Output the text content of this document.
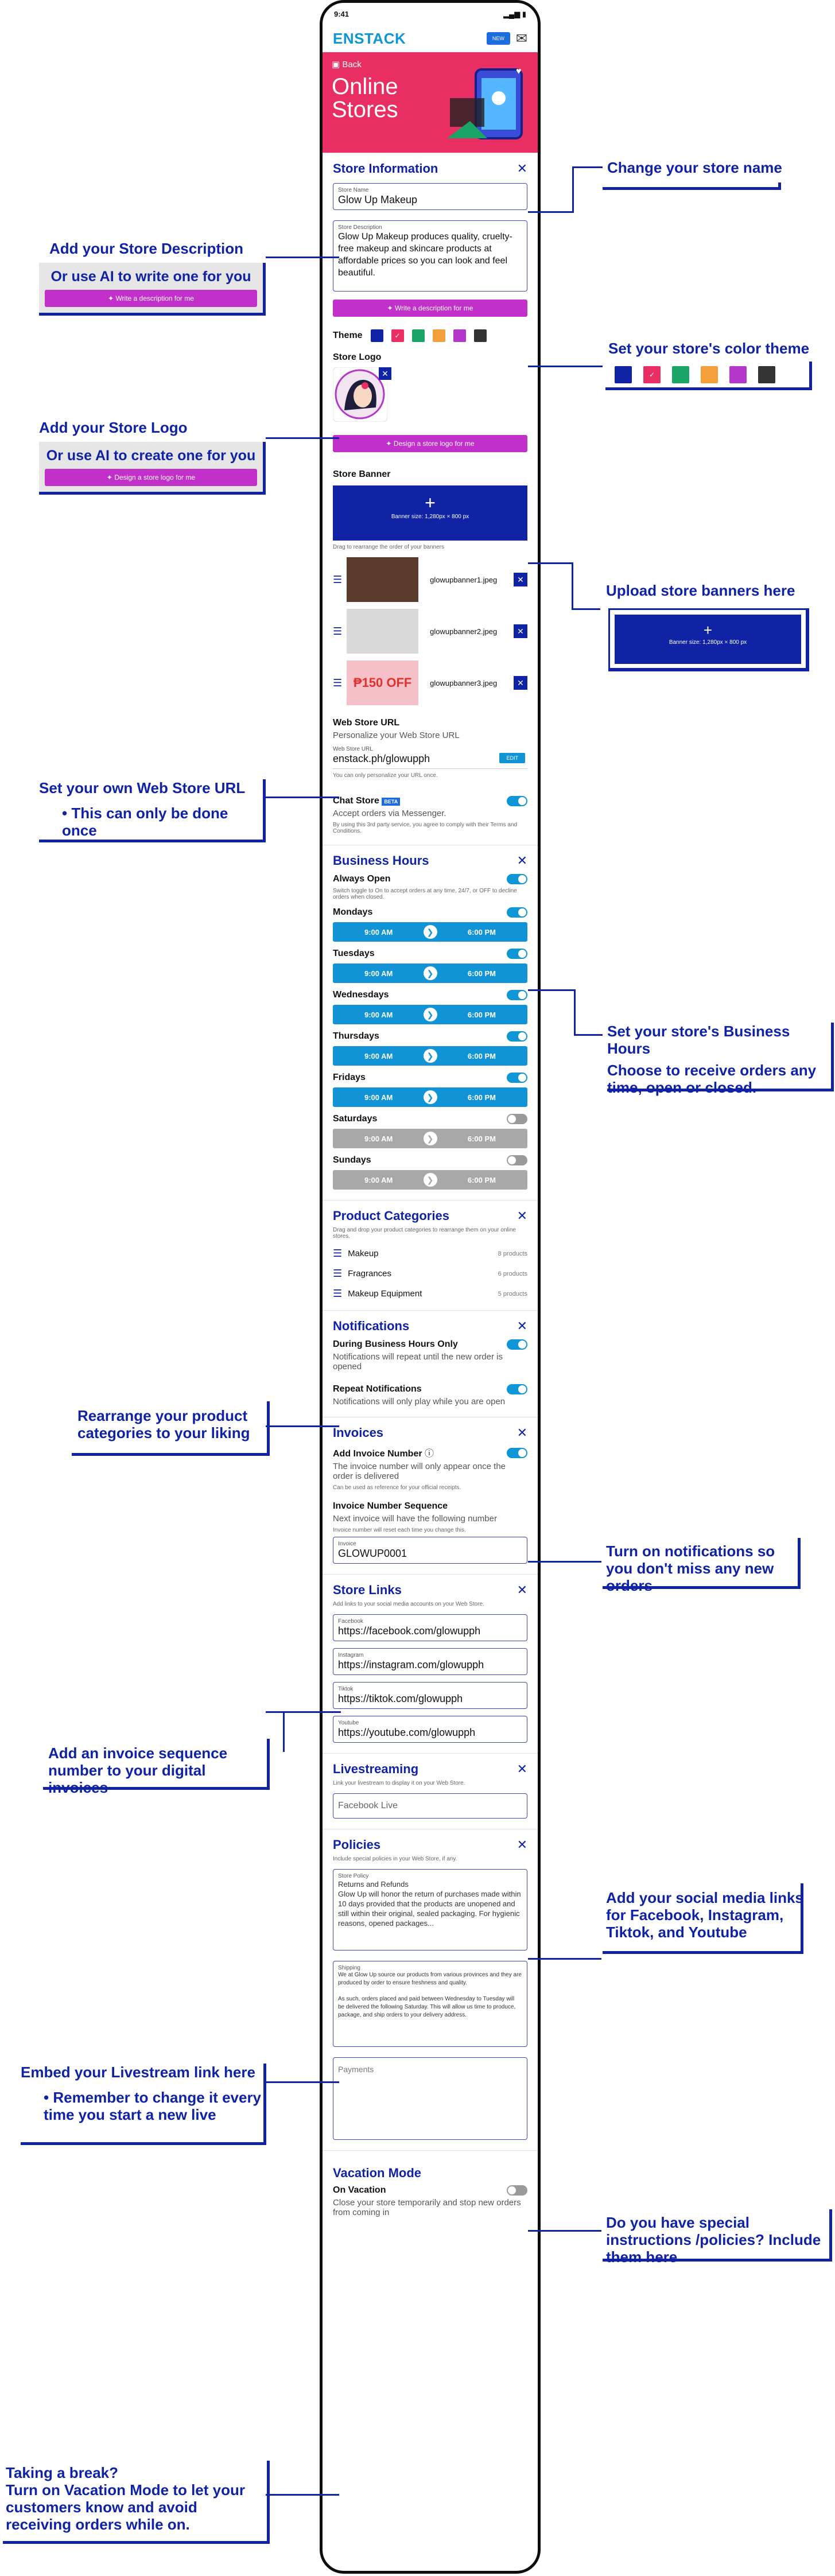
9:41	▂▄▆ ▮
ENSTACK	NEW ✉
▣ Back
Online
Stores
♥
Store Information	✕
Store Name
Glow Up Makeup
Store Description
Glow Up Makeup produces quality, cruelty-free makeup and skincare products at affordable prices so you can look and feel beautiful.
✦ Write a description for me
Theme	✓
Store Logo
✕
✦ Design a store logo for me
Store Banner
+
Banner size: 1,280px × 800 px
Drag to rearrange the order of your banners
☰	glowupbanner1.jpeg	✕
☰	glowupbanner2.jpeg	✕
☰ ₱150 OFF	glowupbanner3.jpeg	✕
Web Store URL
Personalize your Web Store URL
Web Store URL
enstack.ph/glowupph	EDIT
You can only personalize your URL once.
Chat Store BETA
Accept orders via Messenger.
By using this 3rd party service, you agree to comply with their Terms and Conditions.
Business Hours	✕
Always Open
Switch toggle to On to accept orders at any time, 24/7, or OFF to decline orders when closed.
Mondays
9:00 AM	❯	6:00 PM
Tuesdays
9:00 AM	❯	6:00 PM
Wednesdays
9:00 AM	❯	6:00 PM
Thursdays
9:00 AM	❯	6:00 PM
Fridays
9:00 AM	❯	6:00 PM
Saturdays
9:00 AM	❯	6:00 PM
Sundays
9:00 AM	❯	6:00 PM
Product Categories	✕
Drag and drop your product categories to rearrange them on your online stores.
☰ Makeup	8 products
☰ Fragrances	6 products
☰ Makeup Equipment	5 products
Notifications	✕
During Business Hours Only
Notifications will repeat until the new order is opened
Repeat Notifications
Notifications will only play while you are open
Invoices	✕
Add Invoice Number ⓘ
The invoice number will only appear once the order is delivered
Can be used as reference for your official receipts.
Invoice Number Sequence
Next invoice will have the following number
Invoice number will reset each time you change this.
Invoice
GLOWUP0001
Store Links	✕
Add links to your social media accounts on your Web Store.
Facebook
https://facebook.com/glowupph
Instagram
https://instagram.com/glowupph
Tiktok
https://tiktok.com/glowupph
Youtube
https://youtube.com/glowupph
Livestreaming	✕
Link your livestream to display it on your Web Store.
Facebook Live
Policies	✕
Include special policies in your Web Store, if any.
Store Policy
Returns and Refunds
Glow Up will honor the return of purchases made within 10 days provided that the products are unopened and still within their original, sealed packaging. For hygienic reasons, opened packages...
Shipping
We at Glow Up source our products from various provinces and they are produced by order to ensure freshness and quality.

As such, orders placed and paid between Wednesday to Tuesday will be delivered the following Saturday. This will allow us time to produce, package, and ship orders to your delivery address.
Payments
Vacation Mode
On Vacation
Close your store temporarily and stop new orders from coming in
Change your store name
Add your Store Description
Or use AI to write one for you
✦ Write a description for me
Set your store's color theme
✓
Add your Store Logo
Or use AI to create one for you
✦ Design a store logo for me
Upload store banners here
+
Banner size: 1,280px × 800 px
Set your own Web Store URL
• This can only be done once
Set your store's Business Hours
Choose to receive orders any time, open or closed.
Rearrange your product categories to your liking
Turn on notifications so you don't miss any new orders
Add an invoice sequence number to your digital invoices
Add your social media links for Facebook, Instagram, Tiktok, and Youtube
Embed your Livestream link here
• Remember to change it every time you start a new live
Do you have special instructions /policies? Include them here
Taking a break?
Turn on Vacation Mode to let your customers know and avoid receiving orders while on.
